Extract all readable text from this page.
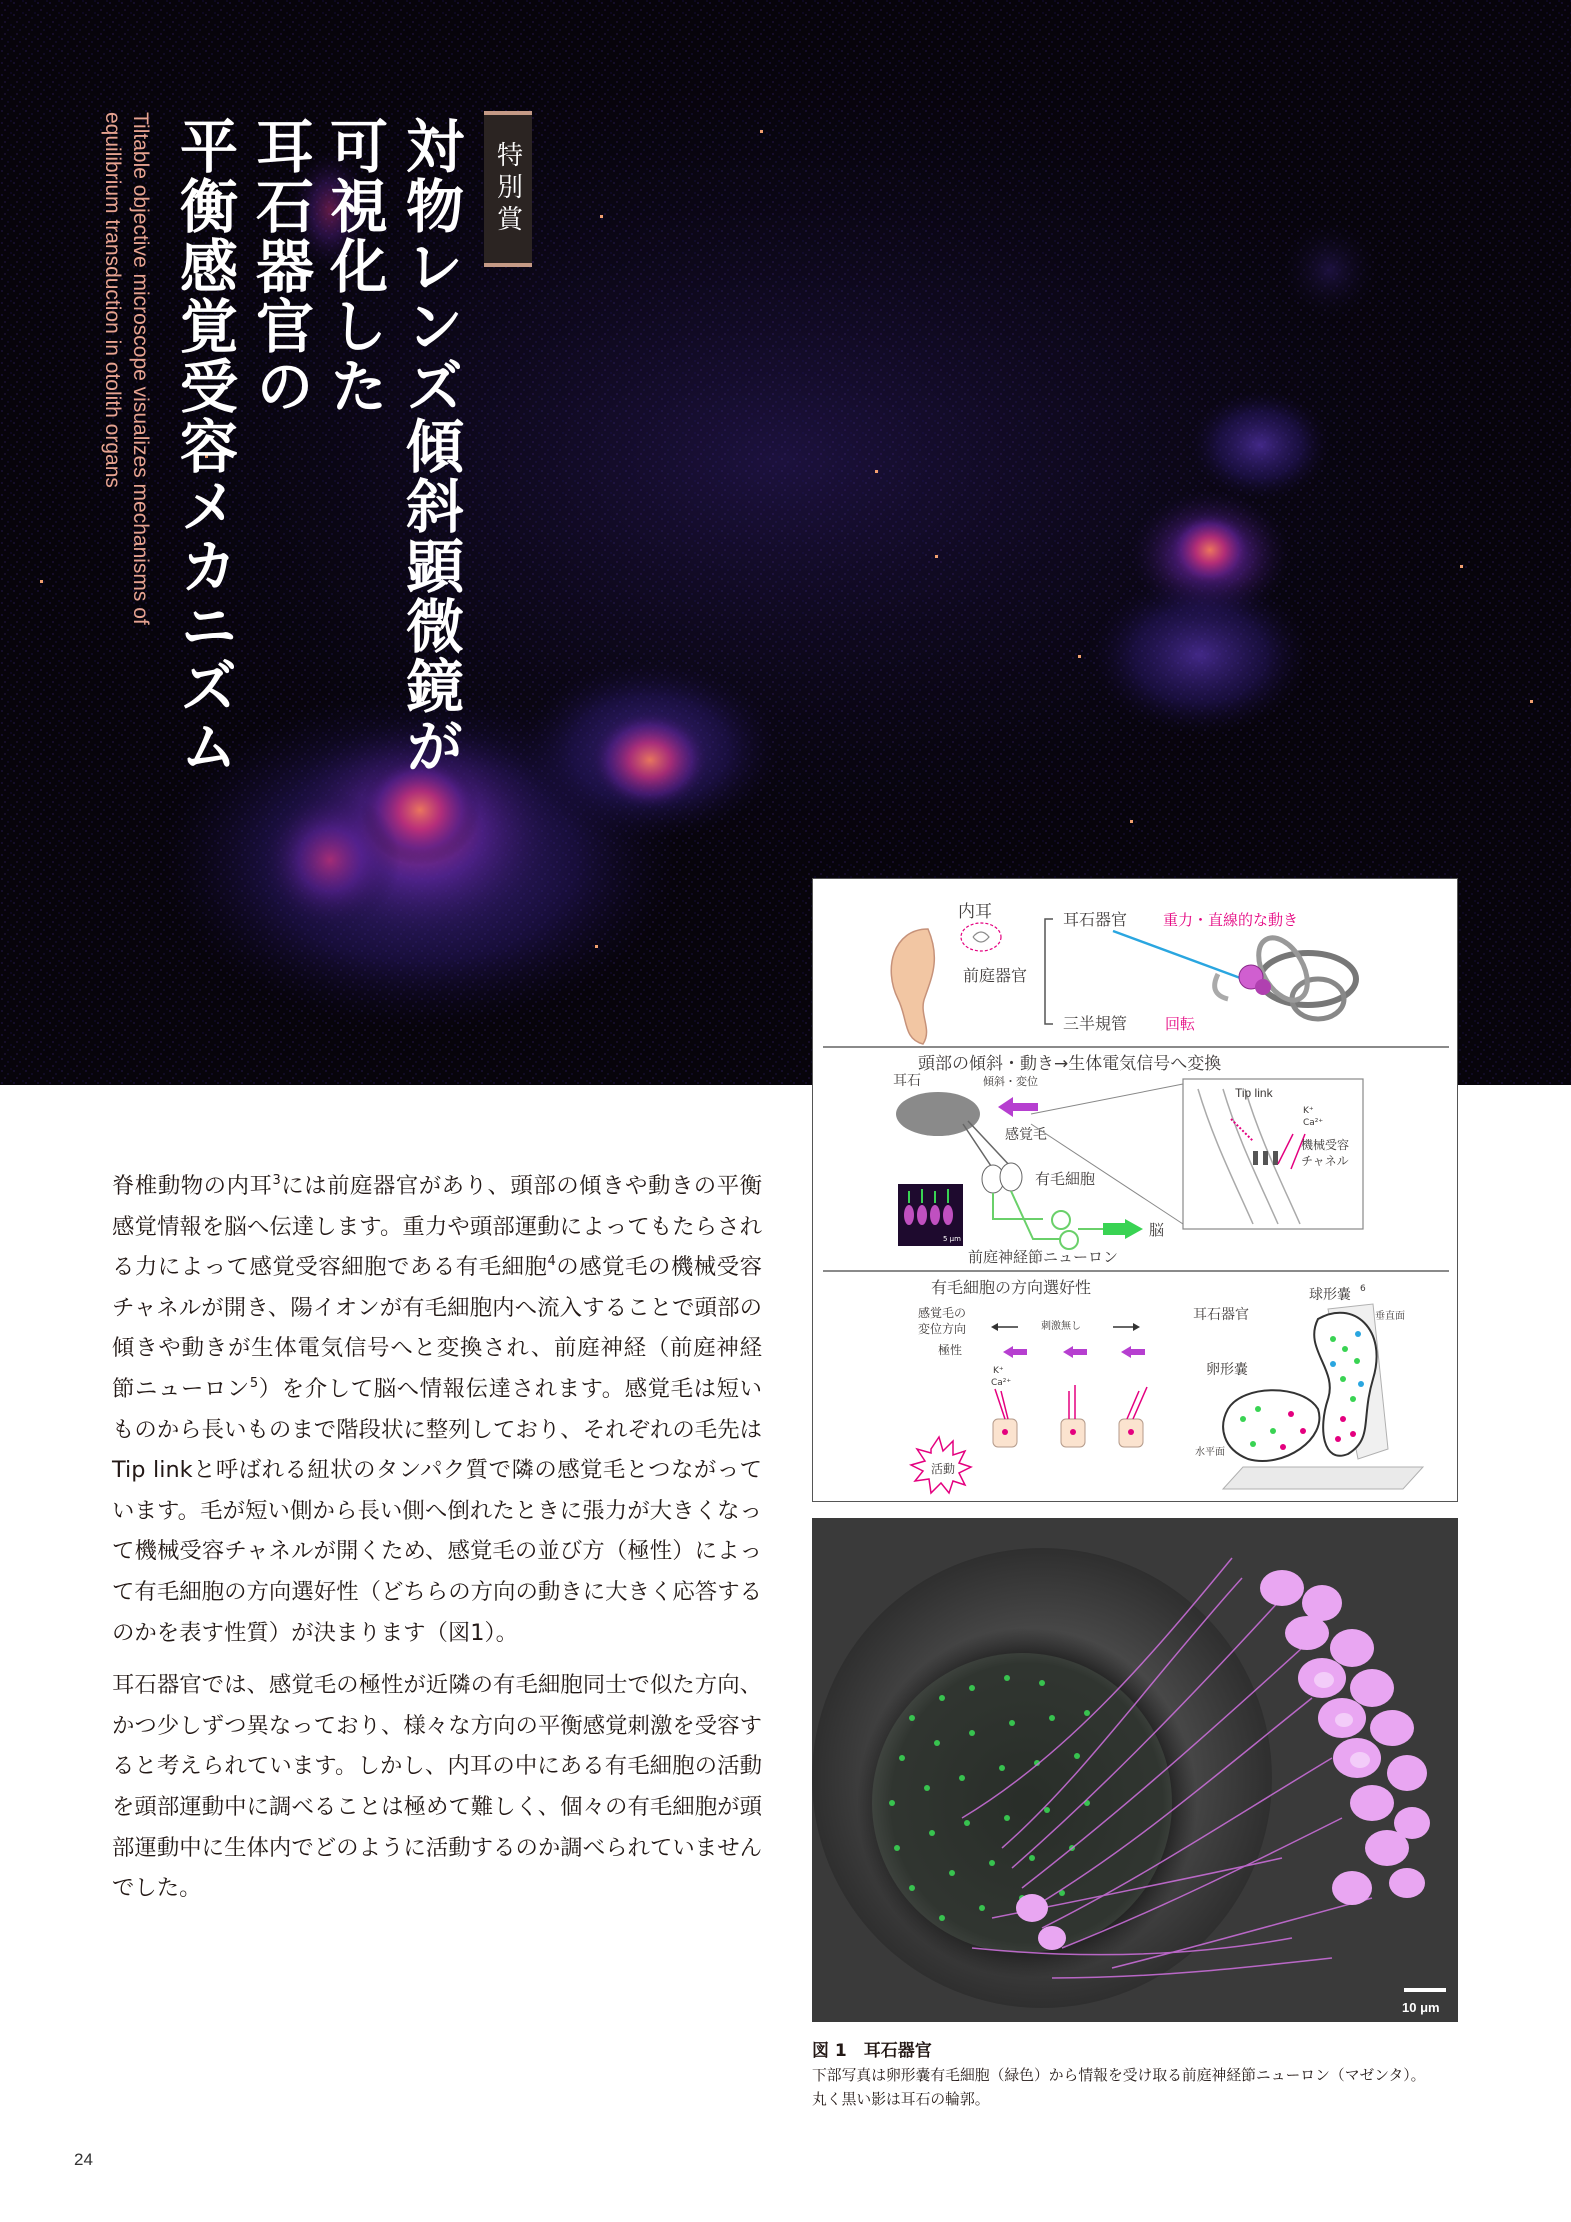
特別賞
対物レンズ傾斜顕微鏡が
可視化した
耳石器官の
平衡感覚受容メカニズム
Tiltable objective microscope visualizes mechanisms of
equilibrium transduction in otolith organs

脊椎動物の内耳$^3$には前庭器官があり、頭部の傾きや動きの平衡感覚情報を脳へ伝達します。重力や頭部運動によってもたらされる力によって感覚受容細胞である有毛細胞$^4$の感覚毛の機械受容チャネルが開き、陽イオンが有毛細胞内へ流入することで頭部の傾きや動きが生体電気信号へと変換され、前庭神経（前庭神経節ニューロン$^5$）を介して脳へ情報伝達されます。感覚毛は短いものから長いものまで階段状に整列しており、それぞれの毛先はTip linkと呼ばれる紐状のタンパク質で隣の感覚毛とつながっています。毛が短い側から長い側へ倒れたときに張力が大きくなって機械受容チャネルが開くため、感覚毛の並び方（極性）によって有毛細胞の方向選好性（どちらの方向の動きに大きく応答するのかを表す性質）が決まります（図1）。

耳石器官では、感覚毛の極性が近隣の有毛細胞同士で似た方向、かつ少しずつ異なっており、様々な方向の平衡感覚刺激を受容すると考えられています。しかし、内耳の中にある有毛細胞の活動を頭部運動中に調べることは極めて難しく、個々の有毛細胞が頭部運動中に生体内でどのように活動するのか調べられていませんでした。

内耳
前庭器官
耳石器官 重力・直線的な動き
三半規管	回転
頭部の傾斜・動き→生体電気信号へ変換
耳石	傾斜・変位
感覚毛
有毛細胞
脳
前庭神経節ニューロン
5 μm
Tip link
K⁺
Ca²⁺
機械受容
チャネル
有毛細胞の方向選好性
感覚毛の
変位方向
極性
刺激無し
K⁺
Ca²⁺
活動
耳石器官
球形嚢 6
垂直面
卵形嚢
水平面
10 μm
図 1　耳石器官
下部写真は卵形嚢有毛細胞（緑色）から情報を受け取る前庭神経節ニューロン（マゼンタ）。
丸く黒い影は耳石の輪郭。
24
